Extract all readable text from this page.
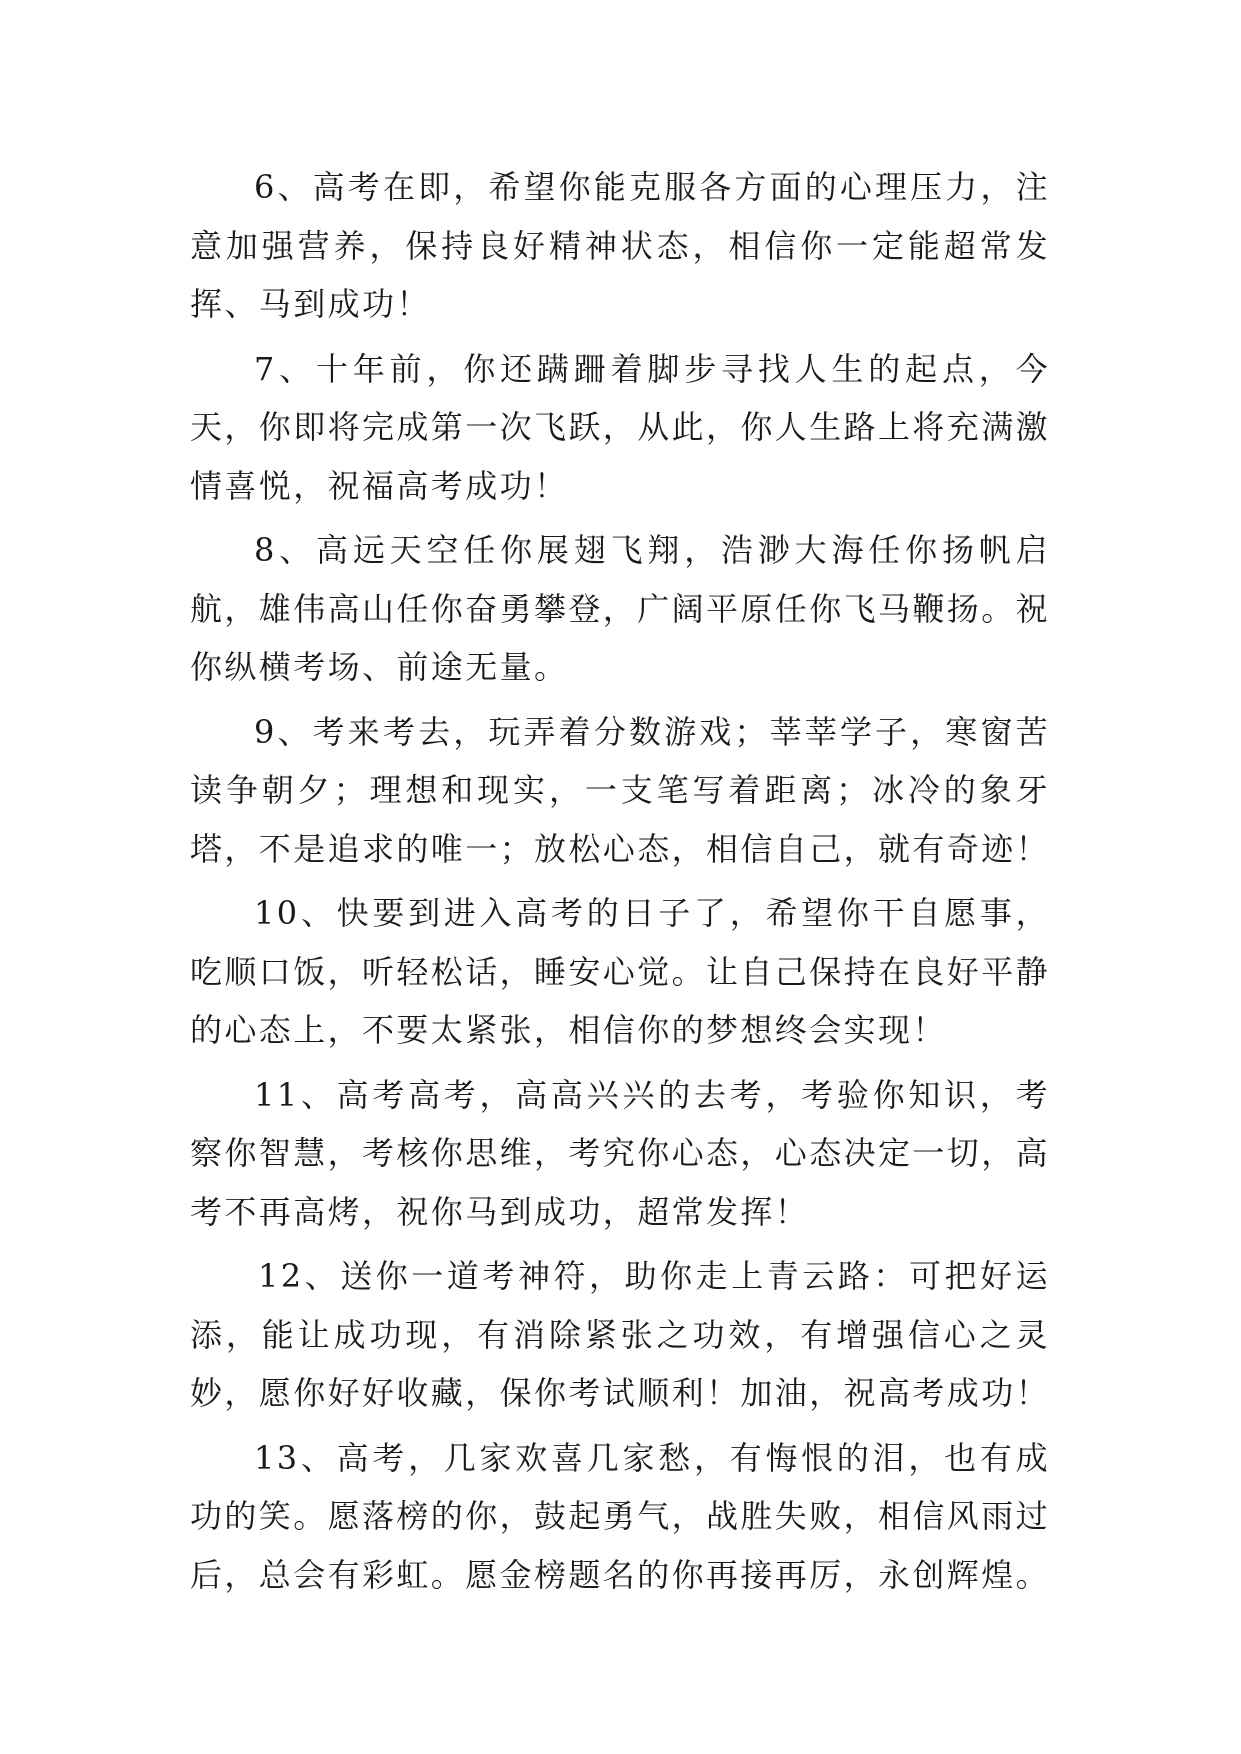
6、高考在即，希望你能克服各方面的心理压力，注意加强营养，保持良好精神状态，相信你一定能超常发挥、马到成功！

7、十年前，你还蹒跚着脚步寻找人生的起点，今天，你即将完成第一次飞跃，从此，你人生路上将充满激情喜悦，祝福高考成功！

8、高远天空任你展翅飞翔，浩渺大海任你扬帆启航，雄伟高山任你奋勇攀登，广阔平原任你飞马鞭扬。祝你纵横考场、前途无量。

9、考来考去，玩弄着分数游戏；莘莘学子，寒窗苦读争朝夕；理想和现实，一支笔写着距离；冰冷的象牙塔，不是追求的唯一；放松心态，相信自己，就有奇迹！

10、快要到进入高考的日子了，希望你干自愿事，吃顺口饭，听轻松话，睡安心觉。让自己保持在良好平静的心态上，不要太紧张，相信你的梦想终会实现！

11、高考高考，高高兴兴的去考，考验你知识，考察你智慧，考核你思维，考究你心态，心态决定一切，高考不再高烤，祝你马到成功，超常发挥！

12、送你一道考神符，助你走上青云路：可把好运添，能让成功现，有消除紧张之功效，有增强信心之灵妙，愿你好好收藏，保你考试顺利！加油，祝高考成功！

13、高考，几家欢喜几家愁，有悔恨的泪，也有成功的笑。愿落榜的你，鼓起勇气，战胜失败，相信风雨过后，总会有彩虹。愿金榜题名的你再接再厉，永创辉煌。
